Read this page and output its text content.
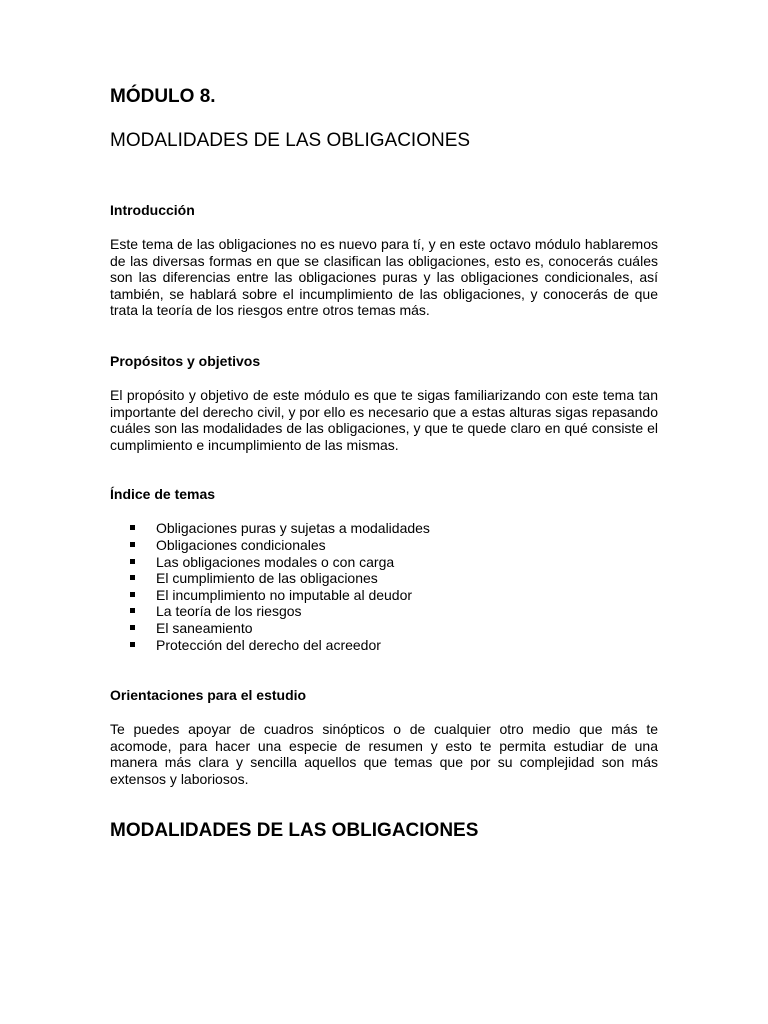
MÓDULO 8.
MODALIDADES DE LAS OBLIGACIONES
Introducción

Este tema de las obligaciones no es nuevo para tí, y en este octavo módulo hablaremos de las diversas formas en que se clasifican las obligaciones, esto es, conocerás cuáles son las diferencias entre las obligaciones puras y las obligaciones condicionales, así también, se hablará sobre el incumplimiento de las obligaciones, y conocerás de que trata la teoría de los riesgos entre otros temas más.

Propósitos y objetivos

El propósito y objetivo de este módulo es que te sigas familiarizando con este tema tan importante del derecho civil, y por ello es necesario que a estas alturas sigas repasando cuáles son las modalidades de las obligaciones, y que te quede claro en qué consiste el cumplimiento e incumplimiento de las mismas.

Índice de temas
Obligaciones puras y sujetas a modalidades
Obligaciones condicionales
Las obligaciones modales o con carga
El cumplimiento de las obligaciones
El incumplimiento no imputable al deudor
La teoría de los riesgos
El saneamiento
Protección del derecho del acreedor
Orientaciones para el estudio

Te puedes apoyar de cuadros sinópticos o de cualquier otro medio que más te acomode, para hacer una especie de resumen y esto te permita estudiar de una manera más clara y sencilla aquellos que temas que por su complejidad son más extensos y laboriosos.

MODALIDADES DE LAS OBLIGACIONES
